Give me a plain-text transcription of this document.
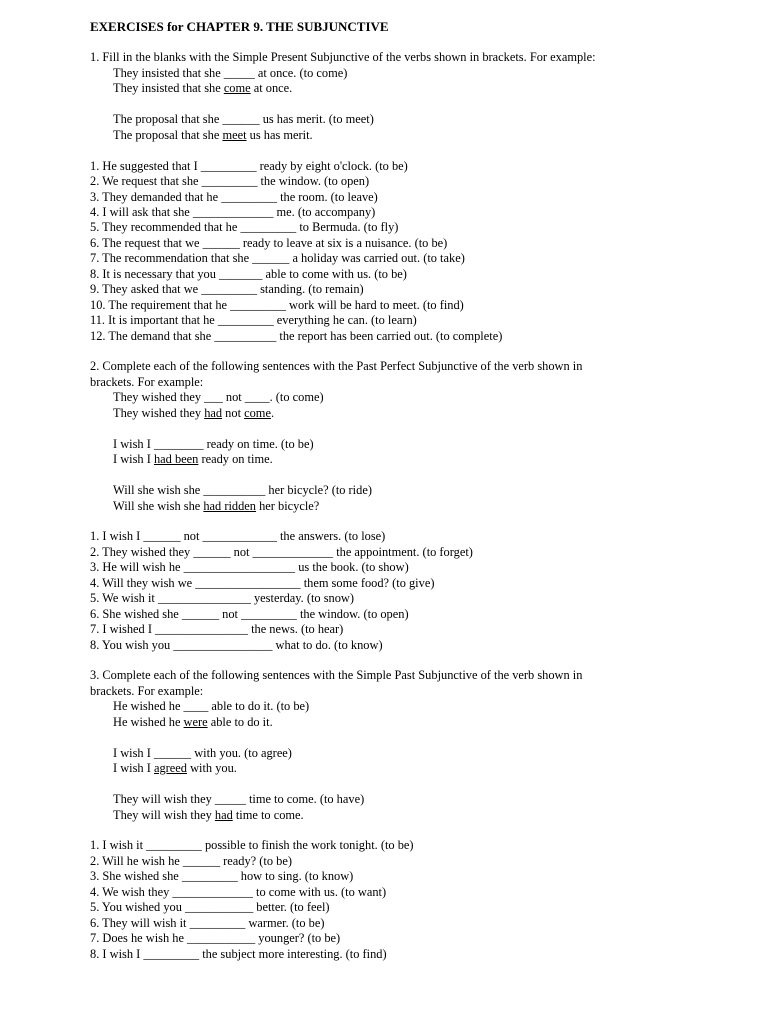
EXERCISES for CHAPTER 9. THE SUBJUNCTIVE
1. Fill in the blanks with the Simple Present Subjunctive of the verbs shown in brackets. For example:
They insisted that she _____ at once. (to come)
They insisted that she come at once.
The proposal that she ______ us has merit. (to meet)
The proposal that she meet us has merit.
1. He suggested that I _________ ready by eight o'clock. (to be)
2. We request that she _________ the window. (to open)
3. They demanded that he _________ the room. (to leave)
4. I will ask that she _____________ me. (to accompany)
5. They recommended that he _________ to Bermuda. (to fly)
6. The request that we ______ ready to leave at six is a nuisance. (to be)
7. The recommendation that she ______ a holiday was carried out. (to take)
8. It is necessary that you _______ able to come with us. (to be)
9. They asked that we _________ standing. (to remain)
10. The requirement that he _________ work will be hard to meet. (to find)
11. It is important that he _________ everything he can. (to learn)
12. The demand that she __________ the report has been carried out. (to complete)
2. Complete each of the following sentences with the Past Perfect Subjunctive of the verb shown in
brackets. For example:
They wished they ___ not ____. (to come)
They wished they had not come.
I wish I ________ ready on time. (to be)
I wish I had been ready on time.
Will she wish she __________ her bicycle? (to ride)
Will she wish she had ridden her bicycle?
1. I wish I ______ not ____________ the answers. (to lose)
2. They wished they ______ not _____________ the appointment. (to forget)
3. He will wish he __________________ us the book. (to show)
4. Will they wish we _________________ them some food? (to give)
5. We wish it _______________ yesterday. (to snow)
6. She wished she ______ not _________ the window. (to open)
7. I wished I _______________ the news. (to hear)
8. You wish you ________________ what to do. (to know)
3. Complete each of the following sentences with the Simple Past Subjunctive of the verb shown in
brackets. For example:
He wished he ____ able to do it. (to be)
He wished he were able to do it.
I wish I ______ with you. (to agree)
I wish I agreed with you.
They will wish they _____ time to come. (to have)
They will wish they had time to come.
1. I wish it _________ possible to finish the work tonight. (to be)
2. Will he wish he ______ ready? (to be)
3. She wished she _________ how to sing. (to know)
4. We wish they _____________ to come with us. (to want)
5. You wished you ___________ better. (to feel)
6. They will wish it _________ warmer. (to be)
7. Does he wish he ___________ younger? (to be)
8. I wish I _________ the subject more interesting. (to find)
